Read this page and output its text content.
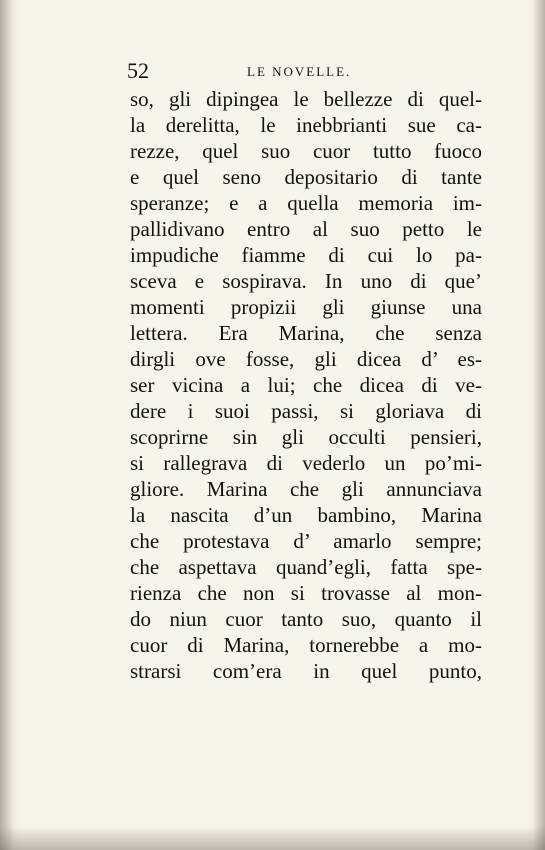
52	LE NOVELLE.
so, gli dipingea le bellezze di quel-
la derelitta, le inebbrianti sue ca-
rezze, quel suo cuor tutto fuoco
e quel seno depositario di tante
speranze; e a quella memoria im-
pallidivano entro al suo petto le
impudiche fiamme di cui lo pa-
sceva e sospirava. In uno di que’
momenti propizii gli giunse una
lettera. Era Marina, che senza
dirgli ove fosse, gli dicea d’ es-
ser vicina a lui; che dicea di ve-
dere i suoi passi, si gloriava di
scoprirne sin gli occulti pensieri,
si rallegrava di vederlo un po’mi-
gliore. Marina che gli annunciava
la nascita d’un bambino, Marina
che protestava d’ amarlo sempre;
che aspettava quand’egli, fatta spe-
rienza che non si trovasse al mon-
do niun cuor tanto suo, quanto il
cuor di Marina, tornerebbe a mo-
strarsi com’era in quel punto,
